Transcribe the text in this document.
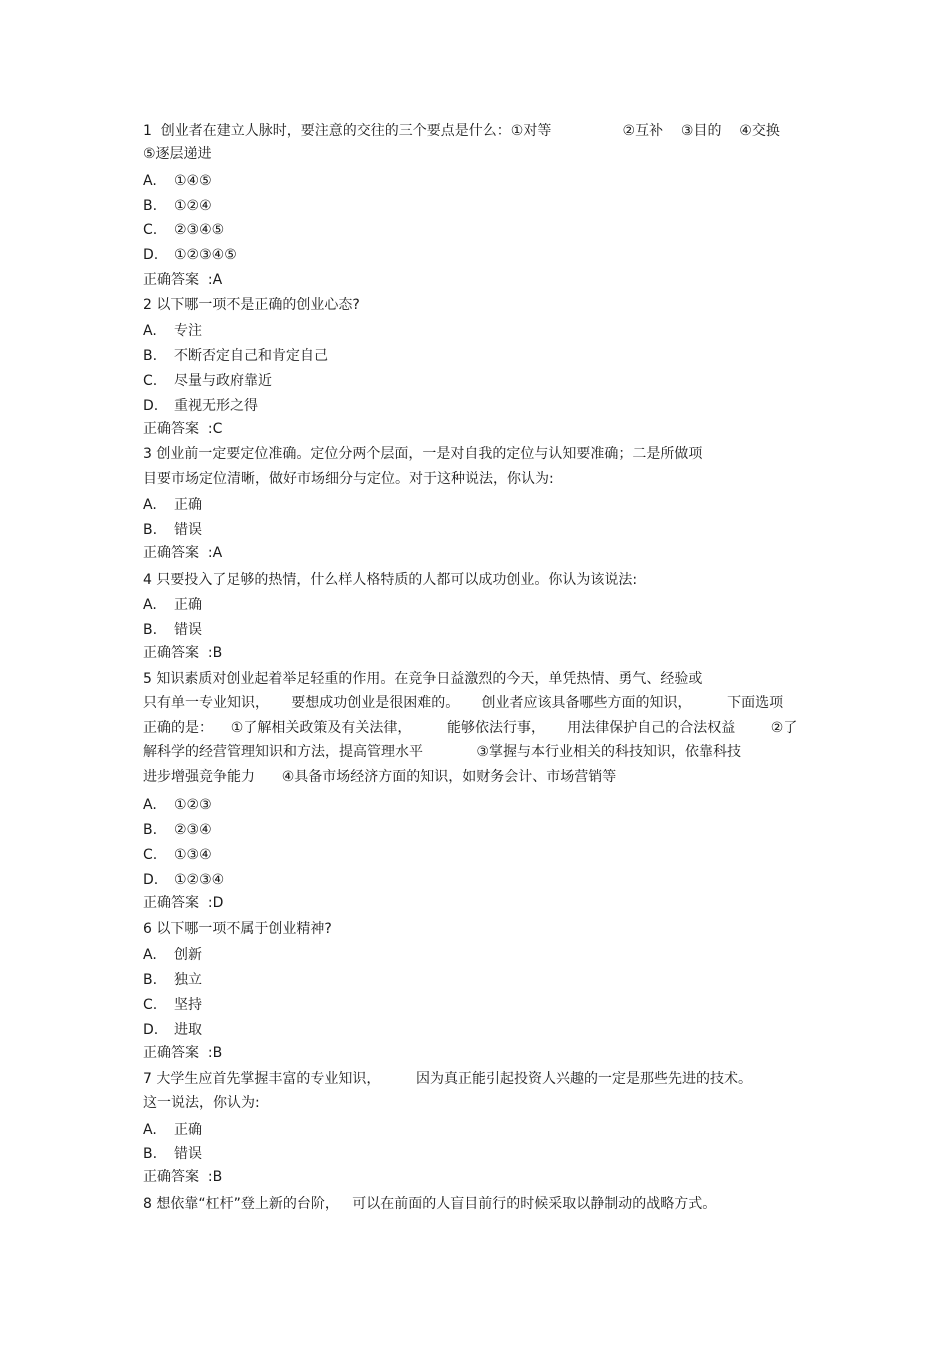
1  创业者在建立人脉时，要注意的交往的三个要点是什么：①对等                ②互补    ③目的    ④交换
⑤逐层递进
A. ①④⑤
B. ①②④
C. ②③④⑤
D. ①②③④⑤
正确答案  :A
2 以下哪一项不是正确的创业心态?
A. 专注
B. 不断否定自己和肯定自己
C. 尽量与政府靠近
D. 重视无形之得
正确答案  :C
3 创业前一定要定位准确。定位分两个层面，一是对自我的定位与认知要准确；二是所做项
目要市场定位清晰，做好市场细分与定位。对于这种说法，你认为:
A. 正确
B. 错误
正确答案  :A
4 只要投入了足够的热情，什么样人格特质的人都可以成功创业。你认为该说法:
A. 正确
B. 错误
正确答案  :B
5 知识素质对创业起着举足轻重的作用。在竞争日益激烈的今天，单凭热情、勇气、经验或
只有单一专业知识，     要想成功创业是很困难的。     创业者应该具备哪些方面的知识，        下面选项
正确的是：    ①了解相关政策及有关法律，        能够依法行事，     用法律保护自己的合法权益        ②了
解科学的经营管理知识和方法，提高管理水平            ③掌握与本行业相关的科技知识，依靠科技
进步增强竞争能力      ④具备市场经济方面的知识，如财务会计、市场营销等
A. ①②③
B. ②③④
C. ①③④
D. ①②③④
正确答案  :D
6 以下哪一项不属于创业精神?
A. 创新
B. 独立
C. 坚持
D. 进取
正确答案  :B
7 大学生应首先掌握丰富的专业知识，        因为真正能引起投资人兴趣的一定是那些先进的技术。
这一说法，你认为:
A. 正确
B. 错误
正确答案  :B
8 想依靠“杠杆”登上新的台阶，   可以在前面的人盲目前行的时候采取以静制动的战略方式。
